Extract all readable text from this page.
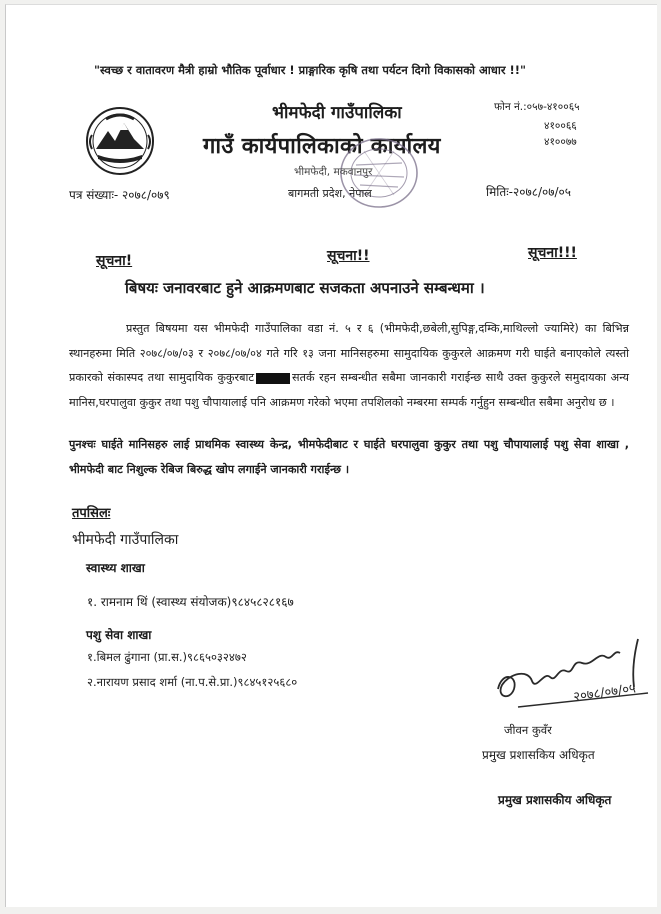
"स्वच्छ र वातावरण मैत्री हाम्रो भौतिक पूर्वाधार ! प्राङ्गारिक कृषि तथा पर्यटन दिगो विकासको आधार !!"
भीमफेदी गाउँपालिका
गाउँ कार्यपालिकाको कार्यालय
भीमफेदी, मकवानपुर
बागमती प्रदेश, नेपाल
फोन नं.:०५७-४१००६५
४१००६६
४१००७७
पत्र संख्याः- २०७८/०७९	मितिः-२०७८/०७/०५
सूचना!	सूचना!!	सूचना!!!
बिषयः जनावरबाट हुने आक्रमणबाट सजकता अपनाउने सम्बन्धमा ।
प्रस्तुत बिषयमा यस भीमफेदी गाउँपालिका वडा नं. ५ र ६ (भीमफेदी,छबेली,सुपिङ्ग,दम्कि,माथिल्लो ज्यामिरे) का बिभिन्न स्थानहरुमा मिति २०७८/०७/०३ र २०७८/०७/०४ गते गरि १३ जना मानिसहरुमा सामुदायिक कुकुरले आक्रमण गरी घाईते बनाएकोले त्यस्तो प्रकारको संकास्पद तथा सामुदायिक कुकुरबाट	सतर्क रहन सम्बन्धीत सबैमा जानकारी गराईन्छ साथै उक्त कुकुरले समुदायका अन्य मानिस,घरपालुवा कुकुर तथा पशु चौपायालाई पनि आक्रमण गरेको भएमा तपशिलको नम्बरमा सम्पर्क गर्नुहुन सम्बन्धीत सबैमा अनुरोध छ ।
पुनश्चः घाईते मानिसहरु लाई प्राथमिक स्वास्थ्य केन्द्र, भीमफेदीबाट र घाईते घरपालुवा कुकुर तथा पशु चौपायालाई पशु सेवा शाखा , भीमफेदी बाट निशुल्क रेबिज बिरुद्ध खोप लगाईने जानकारी गराईन्छ ।
तपसिलः
भीमफेदी गाउँपालिका
स्वास्थ्य शाखा
१. रामनाम थिं (स्वास्थ्य संयोजक)९८४५८२८१६७
पशु सेवा शाखा
१.बिमल ढुंगाना (प्रा.स.)९८६५०३२४७२
२.नारायण प्रसाद शर्मा (ना.प.से.प्रा.)९८४५१२५६८०	२०७८/०७/०५
जीवन कुवँर
प्रमुख प्रशासकिय अधिकृत
प्रमुख प्रशासकीय अधिकृत
